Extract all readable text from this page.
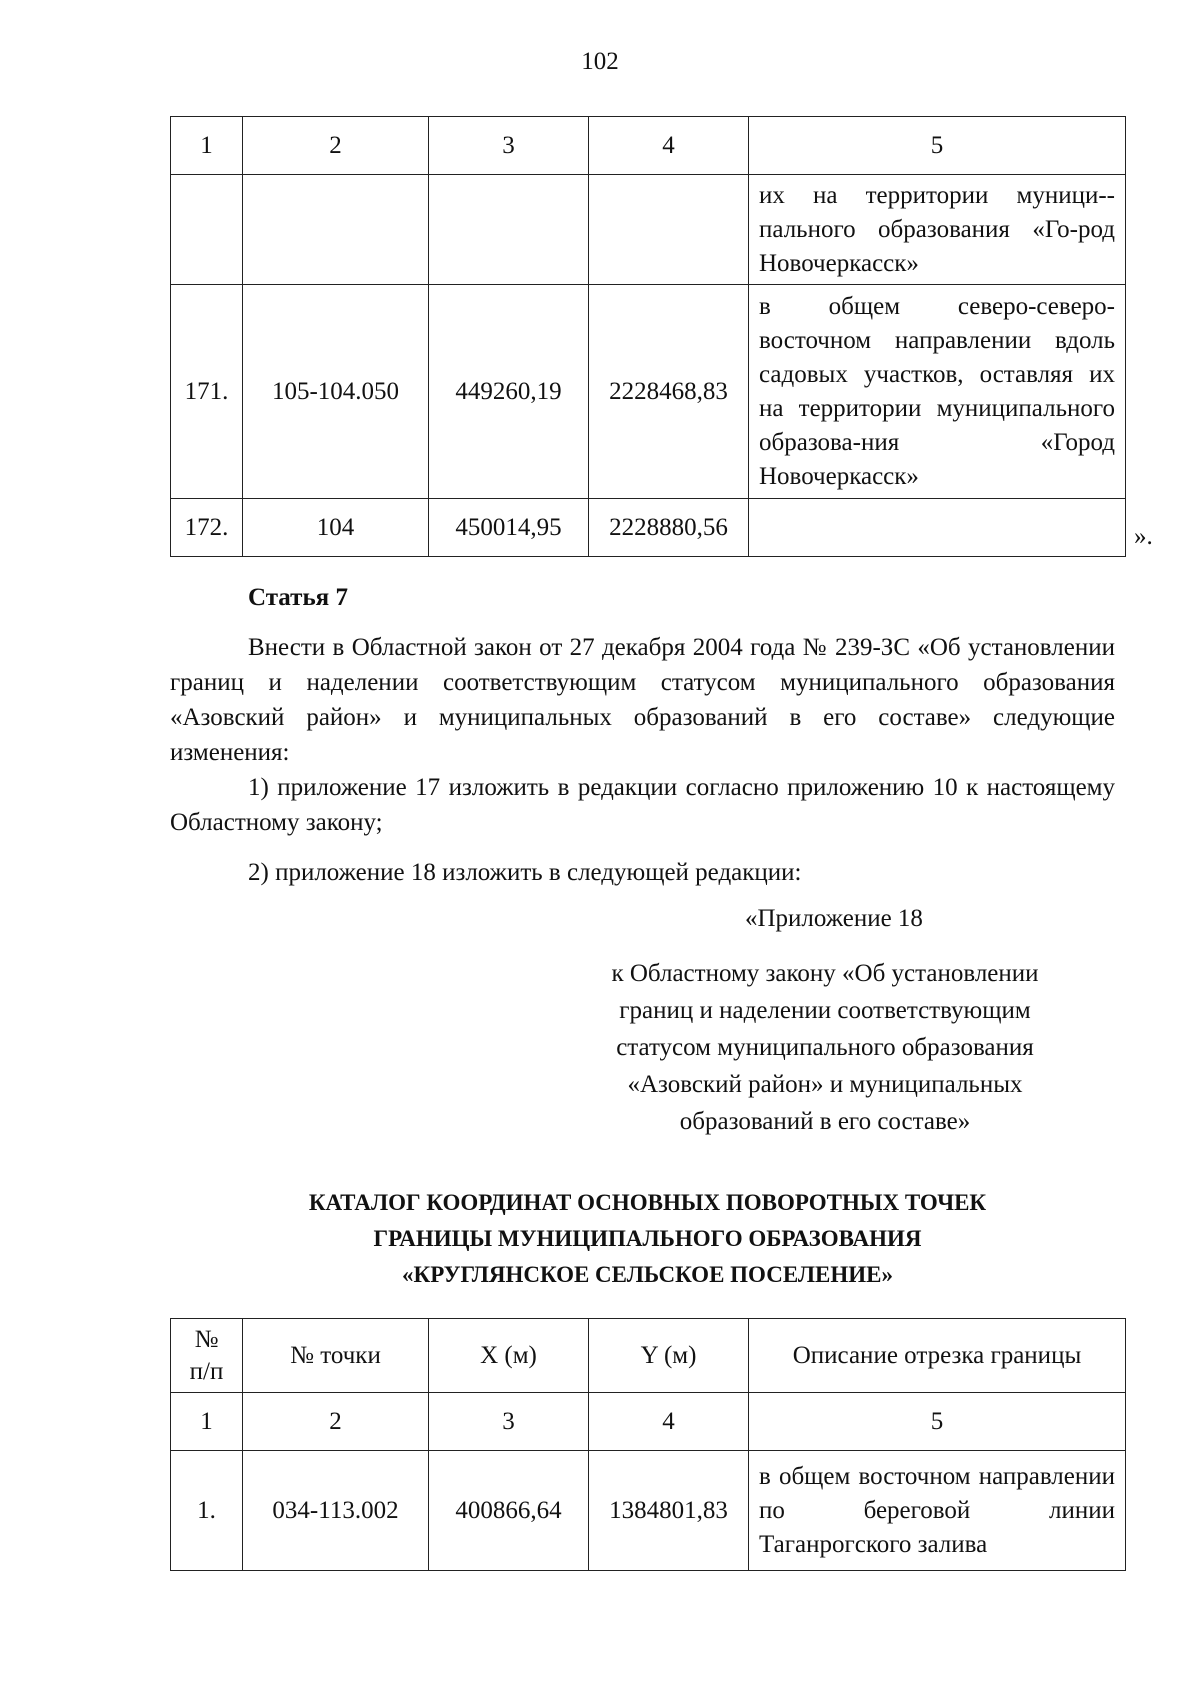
102
1	2	3	4	5
				их на территории муници-пального образования «Го-род Новочеркасск»
171.	105-104.050	449260,19	2228468,83	в общем северо-северо-восточном направлении вдоль садовых участков, оставляя их на территории муниципального образова-ния «Город Новочеркасск»
172.	104	450014,95	2228880,56		».
Статья 7
Внести в Областной закон от 27 декабря 2004 года № 239-ЗС «Об установлении границ и наделении соответствующим статусом муниципального образования «Азовский район» и муниципальных образований в его составе» следующие изменения:
1) приложение 17 изложить в редакции согласно приложению 10 к настоящему Областному закону;
2) приложение 18 изложить в следующей редакции:
«Приложение 18
к Областному закону «Об установлении
границ и наделении соответствующим
статусом муниципального образования
«Азовский район» и муниципальных
образований в его составе»
КАТАЛОГ КООРДИНАТ ОСНОВНЫХ ПОВОРОТНЫХ ТОЧЕК
ГРАНИЦЫ МУНИЦИПАЛЬНОГО ОБРАЗОВАНИЯ
«КРУГЛЯНСКОЕ СЕЛЬСКОЕ ПОСЕЛЕНИЕ»
№
п/п	№ точки	X (м)	Y (м)	Описание отрезка границы
1	2	3	4	5
1.	034-113.002	400866,64	1384801,83	в общем восточном направлении по береговой линии Таганрогского залива
